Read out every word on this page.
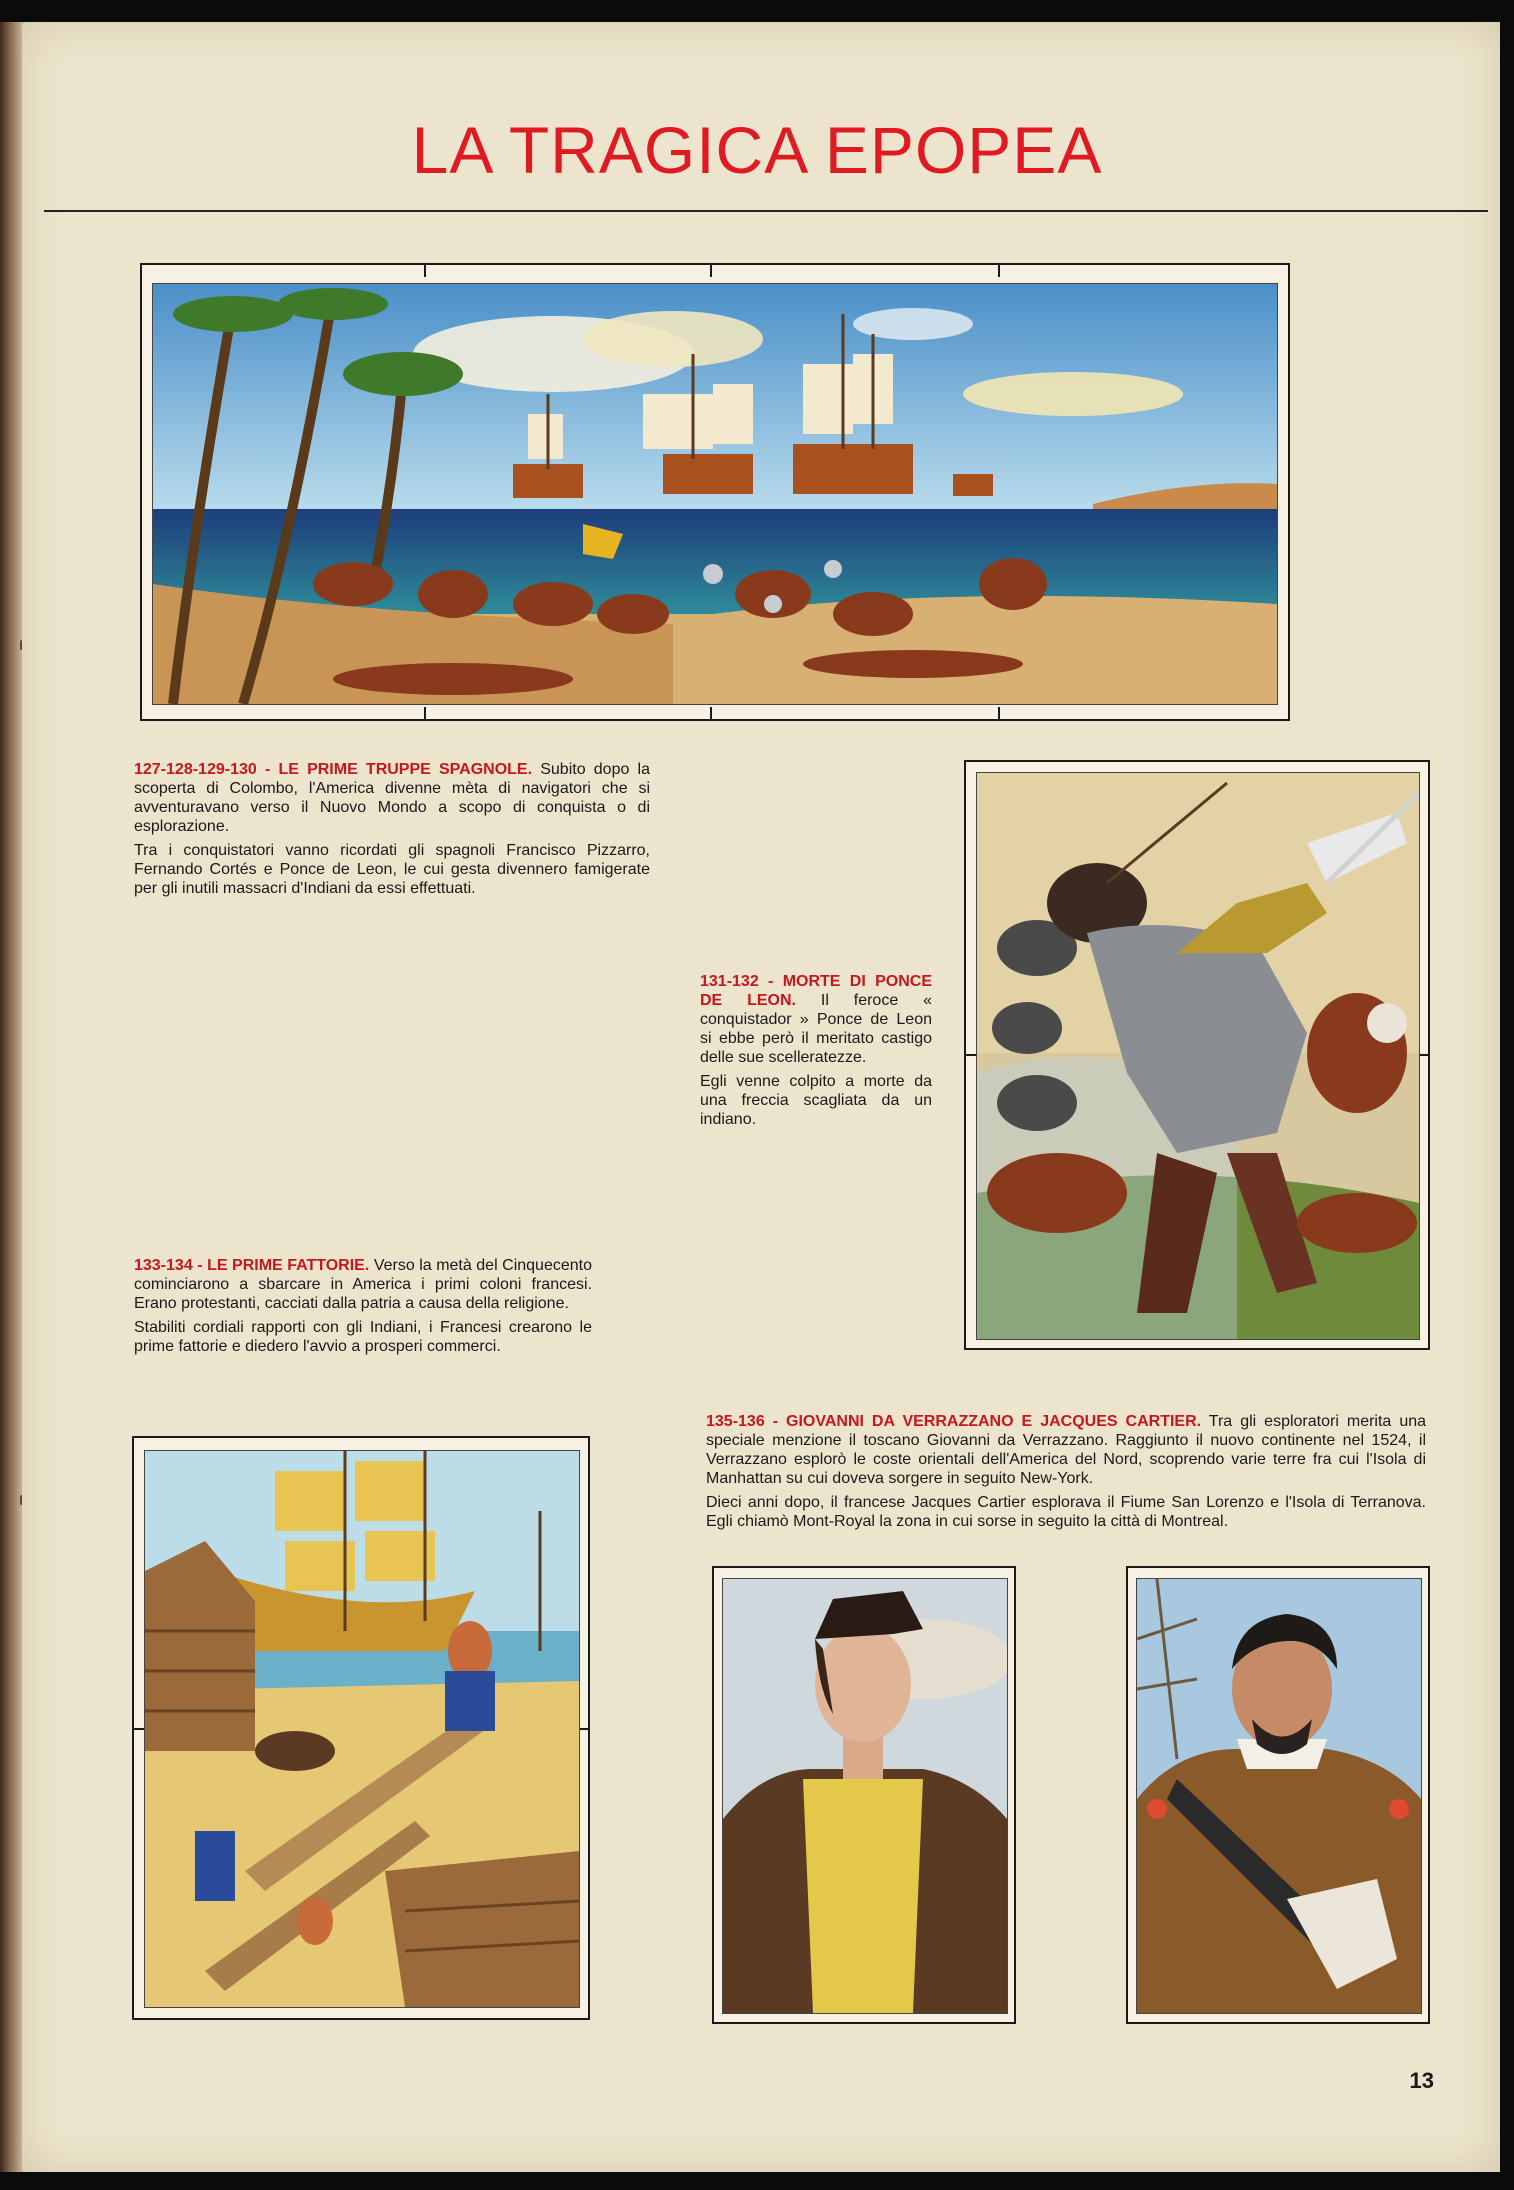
LA TRAGICA EPOPEA

127-128-129-130 - LE PRIME TRUPPE SPAGNOLE. Subito dopo la scoperta di Colombo, l'America divenne mèta di navigatori che si avventuravano verso il Nuovo Mondo a scopo di conquista o di esplorazione.

Tra i conquistatori vanno ricordati gli spagnoli Francisco Pizzarro, Fernando Cortés e Ponce de Leon, le cui gesta divennero famigerate per gli inutili massacri d'Indiani da essi effettuati.

131-132 - MORTE DI PONCE DE LEON. Il feroce « conquistador » Ponce de Leon si ebbe però il meritato castigo delle sue scelleratezze.

Egli venne colpito a morte da una freccia scagliata da un indiano.

133-134 - LE PRIME FATTORIE. Verso la metà del Cinquecento cominciarono a sbarcare in America i primi coloni francesi. Erano protestanti, cacciati dalla patria a causa della religione.

Stabiliti cordiali rapporti con gli Indiani, i Francesi crearono le prime fattorie e diedero l'avvio a prosperi commerci.

135-136 - GIOVANNI DA VERRAZZANO E JACQUES CARTIER. Tra gli esploratori merita una speciale menzione il toscano Giovanni da Verrazzano. Raggiunto il nuovo continente nel 1524, il Verrazzano esplorò le coste orientali dell'America del Nord, scoprendo varie terre fra cui l'Isola di Manhattan su cui doveva sorgere in seguito New-York.

Dieci anni dopo, il francese Jacques Cartier esplorava il Fiume San Lorenzo e l'Isola di Terranova. Egli chiamò Mont-Royal la zona in cui sorse in seguito la città di Montreal.

13
